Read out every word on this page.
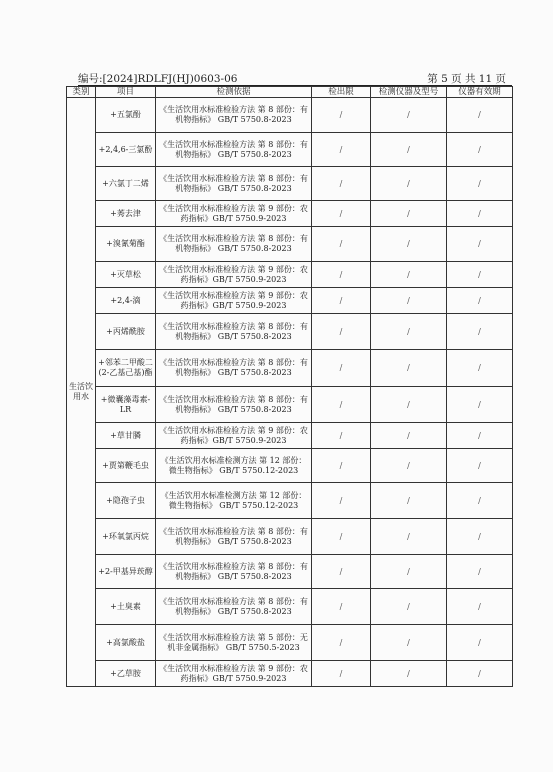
编号:[2024]RDLFJ(HJ)0603-06	第 5 页 共 11 页
类别	项目	检测依据	检出限	检测仪器及型号	仪器有效期
生活饮用水	+五氯酚	《生活饮用水标准检验方法 第 8 部份：有机物指标》 GB/T 5750.8-2023	/	/	/
	+2,4,6-三氯酚	《生活饮用水标准检验方法 第 8 部份：有机物指标》 GB/T 5750.8-2023	/	/	/
	+六氯丁二烯	《生活饮用水标准检验方法 第 8 部份：有机物指标》 GB/T 5750.8-2023	/	/	/
	+莠去津	《生活饮用水标准检验方法 第 9 部份：农药指标》GB/T 5750.9-2023	/	/	/
	+溴氰菊酯	《生活饮用水标准检验方法 第 8 部份：有机物指标》 GB/T 5750.8-2023	/	/	/
	+灭草松	《生活饮用水标准检验方法 第 9 部份：农药指标》GB/T 5750.9-2023	/	/	/
	+2,4-滴	《生活饮用水标准检验方法 第 9 部份：农药指标》GB/T 5750.9-2023	/	/	/
	+丙烯酰胺	《生活饮用水标准检验方法 第 8 部份：有机物指标》 GB/T 5750.8-2023	/	/	/
	+邻苯二甲酸二(2-乙基己基)酯	《生活饮用水标准检验方法 第 8 部份：有机物指标》 GB/T 5750.8-2023	/	/	/
	+微囊藻毒素-LR	《生活饮用水标准检验方法 第 8 部份：有机物指标》 GB/T 5750.8-2023	/	/	/
	+草甘膦	《生活饮用水标准检验方法 第 9 部份：农药指标》GB/T 5750.9-2023	/	/	/
	+贾第鞭毛虫	《生活饮用水标准检测方法 第 12 部份：微生物指标》 GB/T 5750.12-2023	/	/	/
	+隐孢子虫	《生活饮用水标准检测方法 第 12 部份：微生物指标》 GB/T 5750.12-2023	/	/	/
	+环氧氯丙烷	《生活饮用水标准检验方法 第 8 部份：有机物指标》 GB/T 5750.8-2023	/	/	/
	+2-甲基异莰醇	《生活饮用水标准检验方法 第 8 部份：有机物指标》 GB/T 5750.8-2023	/	/	/
	+土臭素	《生活饮用水标准检验方法 第 8 部份：有机物指标》 GB/T 5750.8-2023	/	/	/
	+高氯酸盐	《生活饮用水标准检验方法 第 5 部份：无机非金属指标》 GB/T 5750.5-2023	/	/	/
	+乙草胺	《生活饮用水标准检验方法 第 9 部份：农药指标》GB/T 5750.9-2023	/	/	/
